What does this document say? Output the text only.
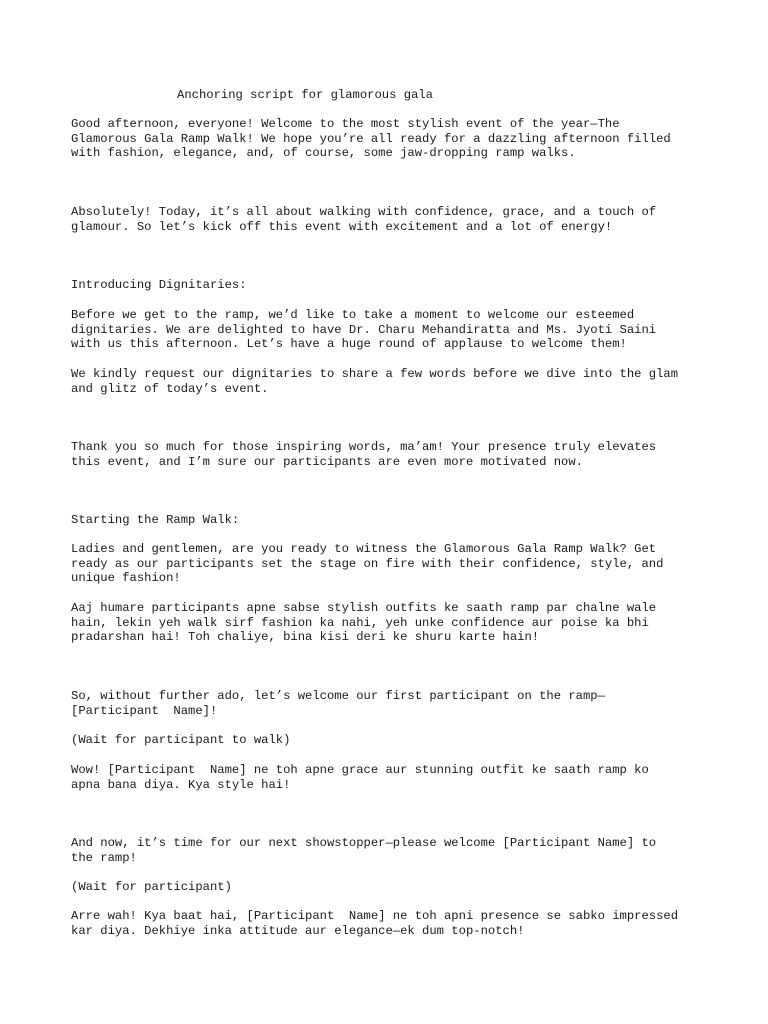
Anchoring script for glamorous gala

Good afternoon, everyone! Welcome to the most stylish event of the year—The
Glamorous Gala Ramp Walk! We hope you’re all ready for a dazzling afternoon filled
with fashion, elegance, and, of course, some jaw-dropping ramp walks.

Absolutely! Today, it’s all about walking with confidence, grace, and a touch of
glamour. So let’s kick off this event with excitement and a lot of energy!

Introducing Dignitaries:

Before we get to the ramp, we’d like to take a moment to welcome our esteemed
dignitaries. We are delighted to have Dr. Charu Mehandiratta and Ms. Jyoti Saini
with us this afternoon. Let’s have a huge round of applause to welcome them!

We kindly request our dignitaries to share a few words before we dive into the glam
and glitz of today’s event.

Thank you so much for those inspiring words, ma’am! Your presence truly elevates
this event, and I’m sure our participants are even more motivated now.

Starting the Ramp Walk:

Ladies and gentlemen, are you ready to witness the Glamorous Gala Ramp Walk? Get
ready as our participants set the stage on fire with their confidence, style, and
unique fashion!

Aaj humare participants apne sabse stylish outfits ke saath ramp par chalne wale
hain, lekin yeh walk sirf fashion ka nahi, yeh unke confidence aur poise ka bhi
pradarshan hai! Toh chaliye, bina kisi deri ke shuru karte hain!

So, without further ado, let’s welcome our first participant on the ramp—
[Participant  Name]!

(Wait for participant to walk)

Wow! [Participant  Name] ne toh apne grace aur stunning outfit ke saath ramp ko
apna bana diya. Kya style hai!

And now, it’s time for our next showstopper—please welcome [Participant Name] to
the ramp!

(Wait for participant)

Arre wah! Kya baat hai, [Participant  Name] ne toh apni presence se sabko impressed
kar diya. Dekhiye inka attitude aur elegance—ek dum top-notch!
